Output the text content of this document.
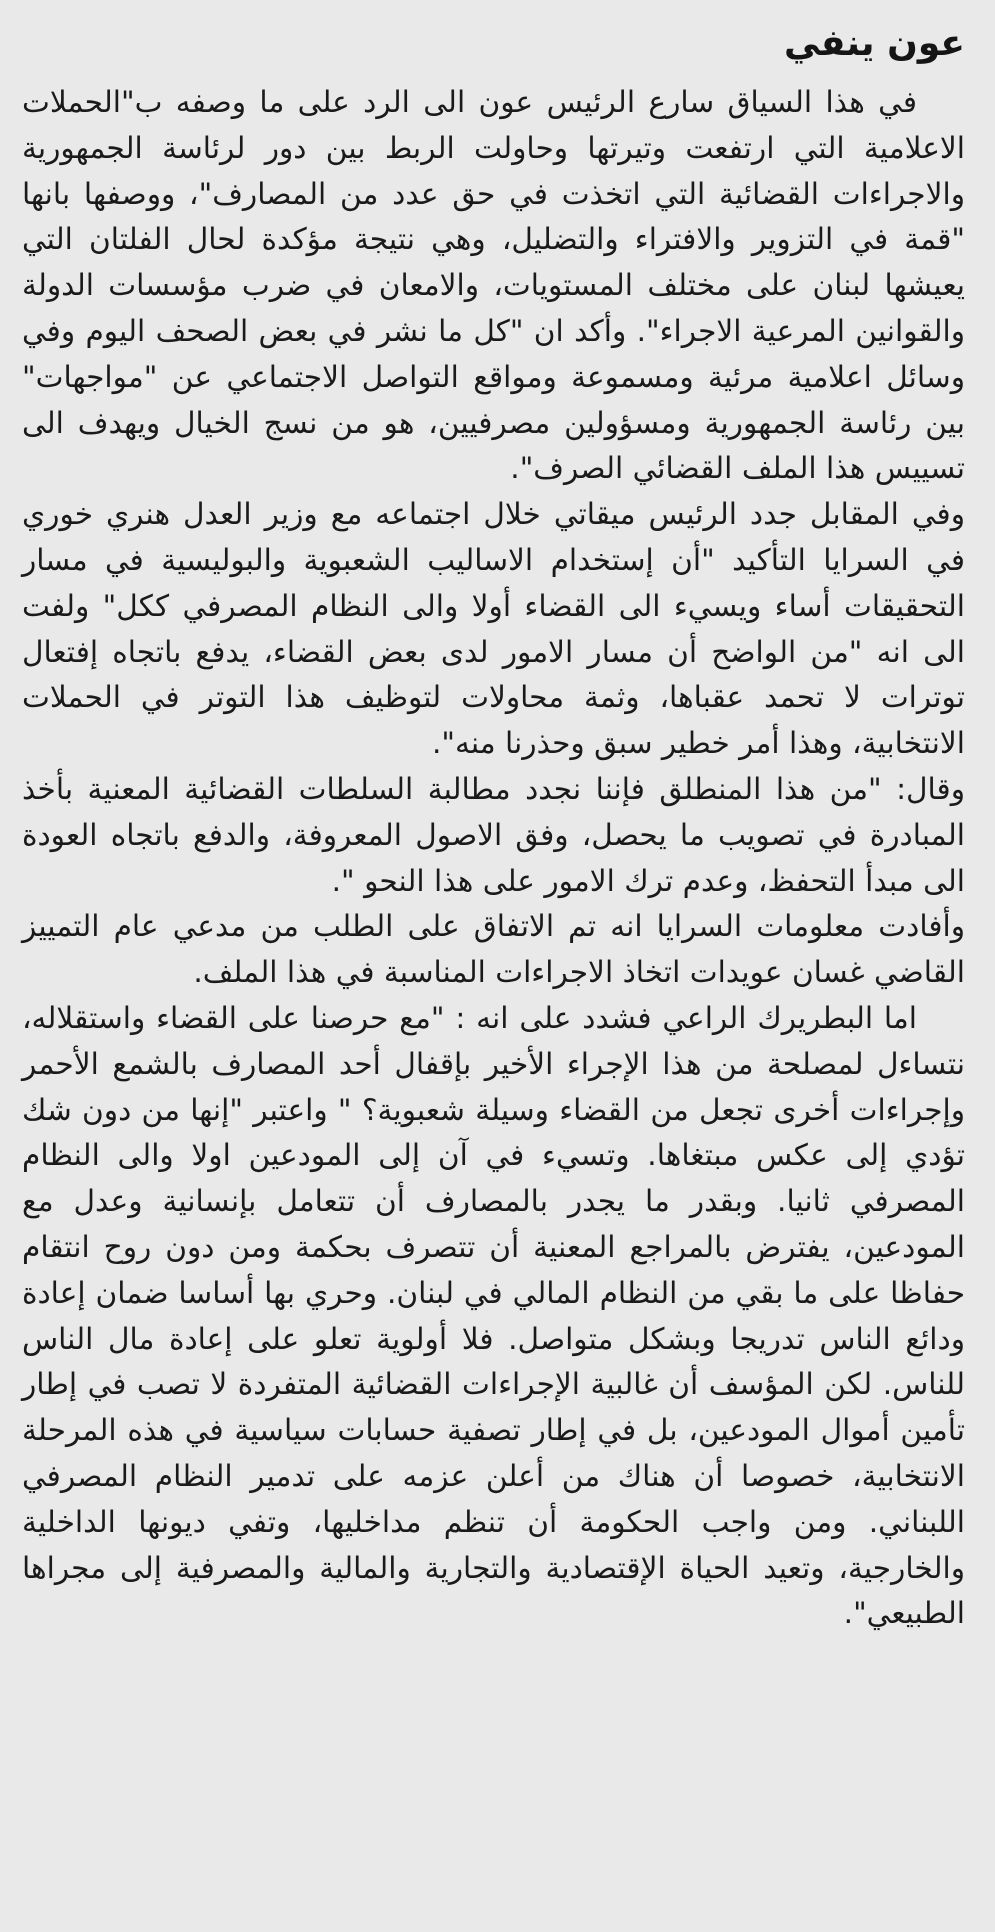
عون ينفي

في هذا السياق سارع الرئيس عون الى الرد على ما وصفه ب"الحملات الاعلامية التي ارتفعت وتيرتها وحاولت الربط بين دور لرئاسة الجمهورية والاجراءات القضائية التي اتخذت في حق عدد من المصارف"، ووصفها بانها "قمة في التزوير والافتراء والتضليل، وهي نتيجة مؤكدة لحال الفلتان التي يعيشها لبنان على مختلف المستويات، والامعان في ضرب مؤسسات الدولة والقوانين المرعية الاجراء". وأكد ان "كل ما نشر في بعض الصحف اليوم وفي وسائل اعلامية مرئية ومسموعة ومواقع التواصل الاجتماعي عن "مواجهات" بين رئاسة الجمهورية ومسؤولين مصرفيين، هو من نسج الخيال ويهدف الى تسييس هذا الملف القضائي الصرف".

وفي المقابل جدد الرئيس ميقاتي خلال اجتماعه مع وزير العدل هنري خوري في السرايا التأكيد "أن إستخدام الاساليب الشعبوية والبوليسية في مسار التحقيقات أساء ويسيء الى القضاء أولا والى النظام المصرفي ككل" ولفت الى انه "من الواضح أن مسار الامور لدى بعض القضاء، يدفع باتجاه إفتعال توترات لا تحمد عقباها، وثمة محاولات لتوظيف هذا التوتر في الحملات الانتخابية، وهذا أمر خطير سبق وحذرنا منه".

وقال: "من هذا المنطلق فإننا نجدد مطالبة السلطات القضائية المعنية بأخذ المبادرة في تصويب ما يحصل، وفق الاصول المعروفة، والدفع باتجاه العودة الى مبدأ التحفظ، وعدم ترك الامور على هذا النحو ".

وأفادت معلومات السرايا انه تم الاتفاق على الطلب من مدعي عام التمييز القاضي غسان عويدات اتخاذ الاجراءات المناسبة في هذا الملف.

اما البطريرك الراعي فشدد على انه : "مع حرصنا على القضاء واستقلاله، نتساءل لمصلحة من هذا الإجراء الأخير بإقفال أحد المصارف بالشمع الأحمر وإجراءات أخرى تجعل من القضاء وسيلة شعبوية؟ " واعتبر "إنها من دون شك تؤدي إلى عكس مبتغاها. وتسيء في آن إلى المودعين اولا والى النظام المصرفي ثانيا. وبقدر ما يجدر بالمصارف أن تتعامل بإنسانية وعدل مع المودعين، يفترض بالمراجع المعنية أن تتصرف بحكمة ومن دون روح انتقام حفاظا على ما بقي من النظام المالي في لبنان. وحري بها أساسا ضمان إعادة ودائع الناس تدريجا وبشكل متواصل. فلا أولوية تعلو على إعادة مال الناس للناس. لكن المؤسف أن غالبية الإجراءات القضائية المتفردة لا تصب في إطار تأمين أموال المودعين، بل في إطار تصفية حسابات سياسية في هذه المرحلة الانتخابية، خصوصا أن هناك من أعلن عزمه على تدمير النظام المصرفي اللبناني. ومن واجب الحكومة أن تنظم مداخليها، وتفي ديونها الداخلية والخارجية، وتعيد الحياة الإقتصادية والتجارية والمالية والمصرفية إلى مجراها الطبيعي".
